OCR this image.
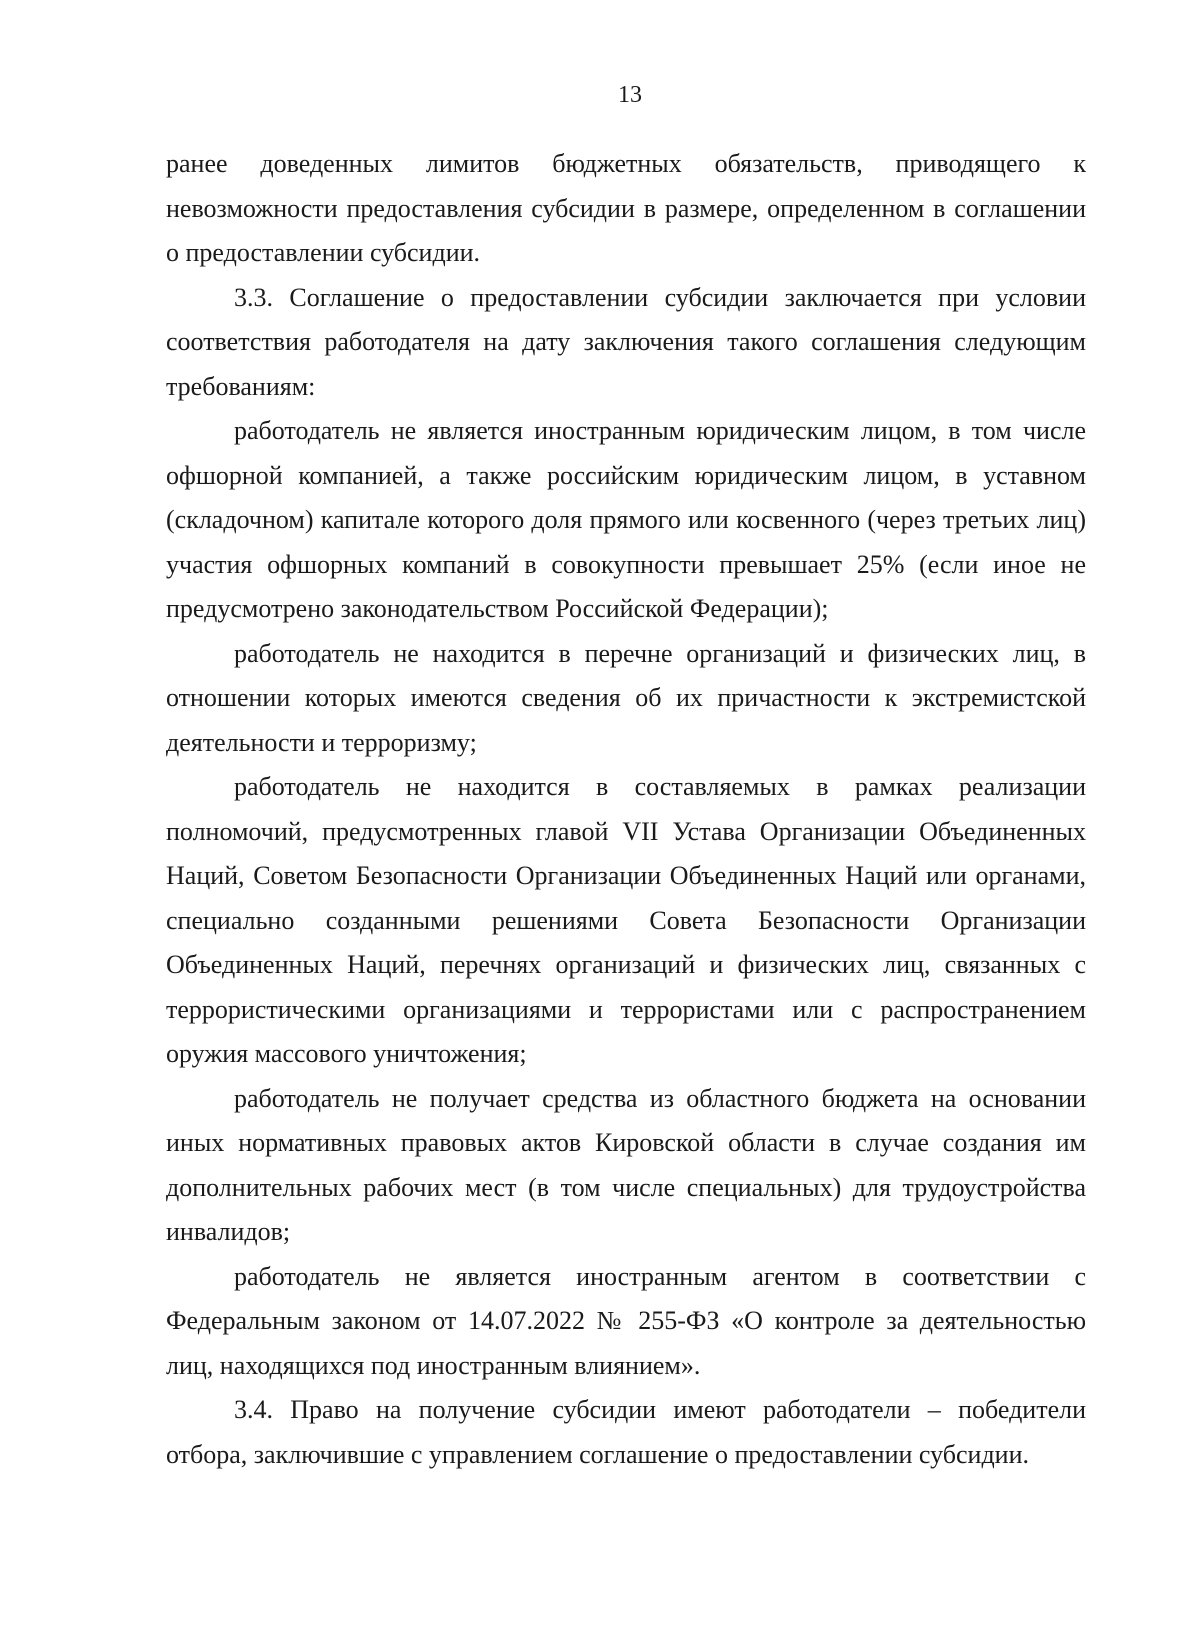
13

ранее доведенных лимитов бюджетных обязательств, приводящего к невозможности предоставления субсидии в размере, определенном в соглашении о предоставлении субсидии.

3.3. Соглашение о предоставлении субсидии заключается при условии соответствия работодателя на дату заключения такого соглашения следующим требованиям:

работодатель не является иностранным юридическим лицом, в том числе офшорной компанией, а также российским юридическим лицом, в уставном (складочном) капитале которого доля прямого или косвенного (через третьих лиц) участия офшорных компаний в совокупности превышает 25% (если иное не предусмотрено законодательством Российской Федерации);

работодатель не находится в перечне организаций и физических лиц, в отношении которых имеются сведения об их причастности к экстремистской деятельности и терроризму;

работодатель не находится в составляемых в рамках реализации полномочий, предусмотренных главой VII Устава Организации Объединенных Наций, Советом Безопасности Организации Объединенных Наций или органами, специально созданными решениями Совета Безопасности Организации Объединенных Наций, перечнях организаций и физических лиц, связанных с террористическими организациями и террористами или с распространением оружия массового уничтожения;

работодатель не получает средства из областного бюджета на основании иных нормативных правовых актов Кировской области в случае создания им дополнительных рабочих мест (в том числе специальных) для трудоустройства инвалидов;

работодатель не является иностранным агентом в соответствии с Федеральным законом от 14.07.2022 № 255-ФЗ «О контроле за деятельностью лиц, находящихся под иностранным влиянием».

3.4. Право на получение субсидии имеют работодатели – победители отбора, заключившие с управлением соглашение о предоставлении субсидии.
